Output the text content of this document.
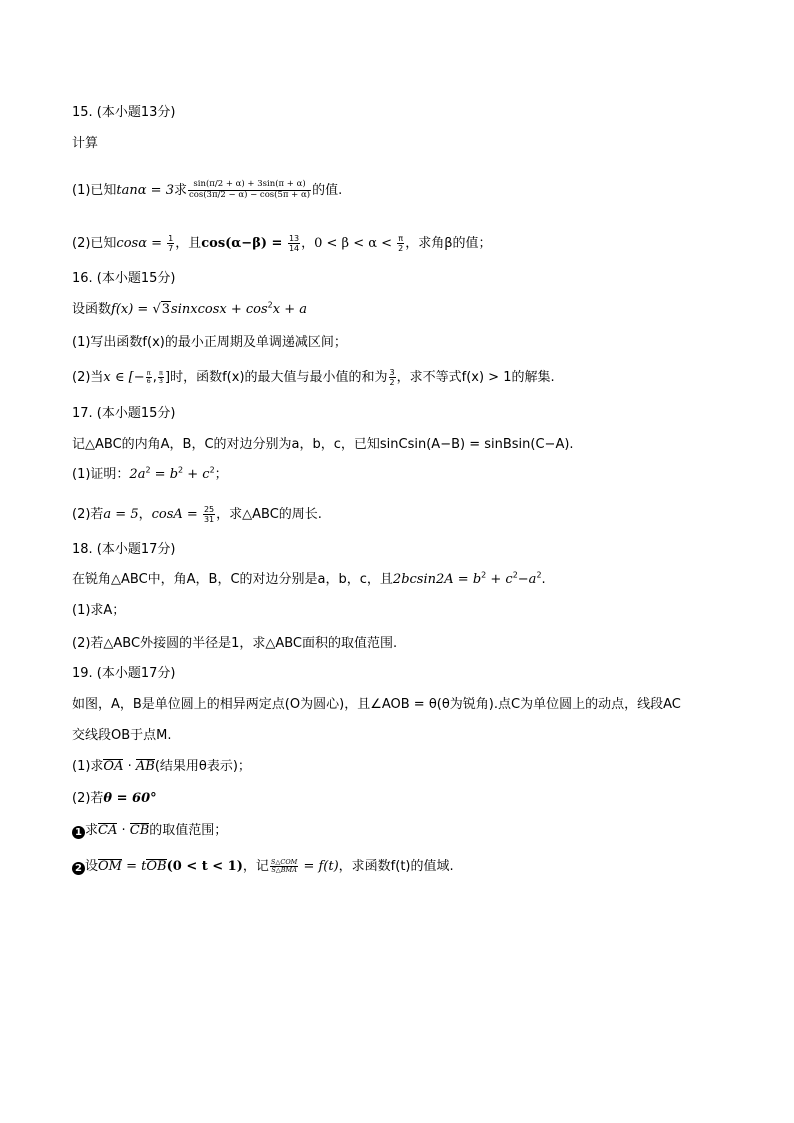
15. (本小题13分)
计算
(1)已知tanα = 3求 $\frac{\sin(\pi/2 + \alpha) + 3\sin(\pi + \alpha)}{\cos(3\pi/2 - \alpha) - \cos(5\pi + \alpha)}$ 的值.
(2)已知$\cos\alpha = \frac{1}{7}$ ，且$\cos(\alpha-\beta) = \frac{13}{14}$ ，$0 < \beta < \alpha < \frac{\pi}{2}$ ，求角β的值；
16. (本小题15分)
设函数f(x) = √3sinxcosx + $\cos^2x + a$
(1)写出函数f(x)的最小正周期及单调递减区间；
(2)当x ∈ [− $\frac{\pi}{6}$ , $\frac{\pi}{3}$ ]时，函数f(x)的最大值与最小值的和为 $\frac{3}{2}$ ，求不等式f(x) > 1的解集.
17. (本小题15分)
记△ABC的内角A，B，C的对边分别为a，b，c，已知sinCsin(A−B) = sinBsin(C−A).
(1)证明：$2a^2 = b^2 + c^2$；
(2)若a = 5，$\cos A = \frac{25}{31}$ ，求△ABC的周长.
18. (本小题17分)
在锐角△ABC中，角A，B，C的对边分别是a，b，c，且$2bcsin2A = b^2 + c^2-a^2$.
(1)求A；
(2)若△ABC外接圆的半径是1，求△ABC面积的取值范围.
19. (本小题17分)
如图，A，B是单位圆上的相异两定点(O为圆心)，且∠AOB = θ(θ为锐角).点C为单位圆上的动点，线段AC
交线段OB于点M.
(1)求OA · AB(结果用θ表示)；
(2)若θ = 60°
1 求CA · CB的取值范围；
2 设OM = tOB(0 < t < 1)，记 $\frac{\text{S△COM}}{\text{S△BMA}} = f(t)$，求函数f(t)的值域.
